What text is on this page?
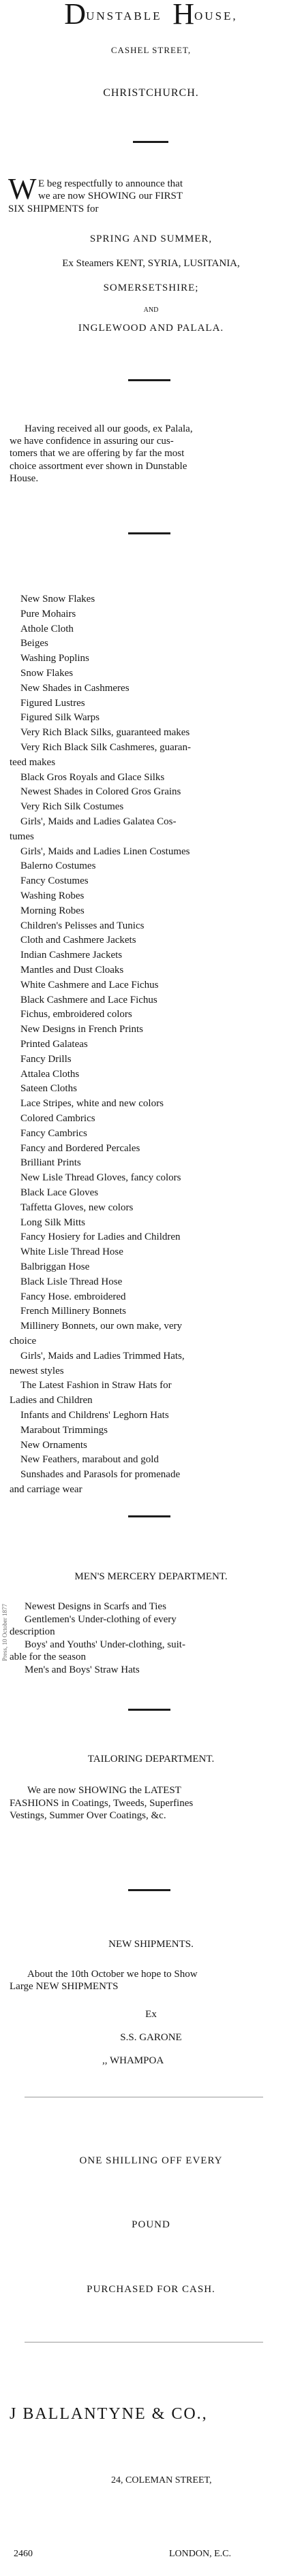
DUNSTABLE HOUSE,
CASHEL STREET,
CHRISTCHURCH.
W E beg respectfully to announce that
we are now SHOWING our FIRST
SIX SHIPMENTS for
SPRING AND SUMMER,
Ex Steamers KENT, SYRIA, LUSITANIA,
SOMERSETSHIRE;
AND
INGLEWOOD AND PALALA.
Having received all our goods, ex Palala,
we have confidence in assuring our cus-
tomers that we are offering by far the most
choice assortment ever shown in Dunstable
House.
New Snow Flakes
Pure Mohairs
Athole Cloth
Beiges
Washing Poplins
Snow Flakes
New Shades in Cashmeres
Figured Lustres
Figured Silk Warps
Very Rich Black Silks, guaranteed makes
Very Rich Black Silk Cashmeres, guaran-
teed makes
Black Gros Royals and Glace Silks
Newest Shades in Colored Gros Grains
Very Rich Silk Costumes
Girls', Maids and Ladies Galatea Cos-
tumes
Girls', Maids and Ladies Linen Costumes
Balerno Costumes
Fancy Costumes
Washing Robes
Morning Robes
Children's Pelisses and Tunics
Cloth and Cashmere Jackets
Indian Cashmere Jackets
Mantles and Dust Cloaks
White Cashmere and Lace Fichus
Black Cashmere and Lace Fichus
Fichus, embroidered colors
New Designs in French Prints
Printed Galateas
Fancy Drills
Attalea Cloths
Sateen Cloths
Lace Stripes, white and new colors
Colored Cambrics
Fancy Cambrics
Fancy and Bordered Percales
Brilliant Prints
New Lisle Thread Gloves, fancy colors
Black Lace Gloves
Taffetta Gloves, new colors
Long Silk Mitts
Fancy Hosiery for Ladies and Children
White Lisle Thread Hose
Balbriggan Hose
Black Lisle Thread Hose
Fancy Hose. embroidered
French Millinery Bonnets
Millinery Bonnets, our own make, very
choice
Girls', Maids and Ladies Trimmed Hats,
newest styles
The Latest Fashion in Straw Hats for
Ladies and Children
Infants and Childrens' Leghorn Hats
Marabout Trimmings
New Ornaments
New Feathers, marabout and gold
Sunshades and Parasols for promenade
and carriage wear
MEN'S MERCERY DEPARTMENT.
Newest Designs in Scarfs and Ties
Gentlemen's Under-clothing of every
description
Boys' and Youths' Under-clothing, suit-
able for the season
Men's and Boys' Straw Hats
TAILORING DEPARTMENT.
We are now SHOWING the LATEST
FASHIONS in Coatings, Tweeds, Superfines
Vestings, Summer Over Coatings, &c.
NEW SHIPMENTS.
About the 10th October we hope to Show
Large NEW SHIPMENTS
Ex
S.S. GARONE
,, WHAMPOA
ONE SHILLING OFF EVERY
POUND
PURCHASED FOR CASH.
J BALLANTYNE & CO.,
24, COLEMAN STREET,
2460	LONDON, E.C.
Press, 10 October 1877
